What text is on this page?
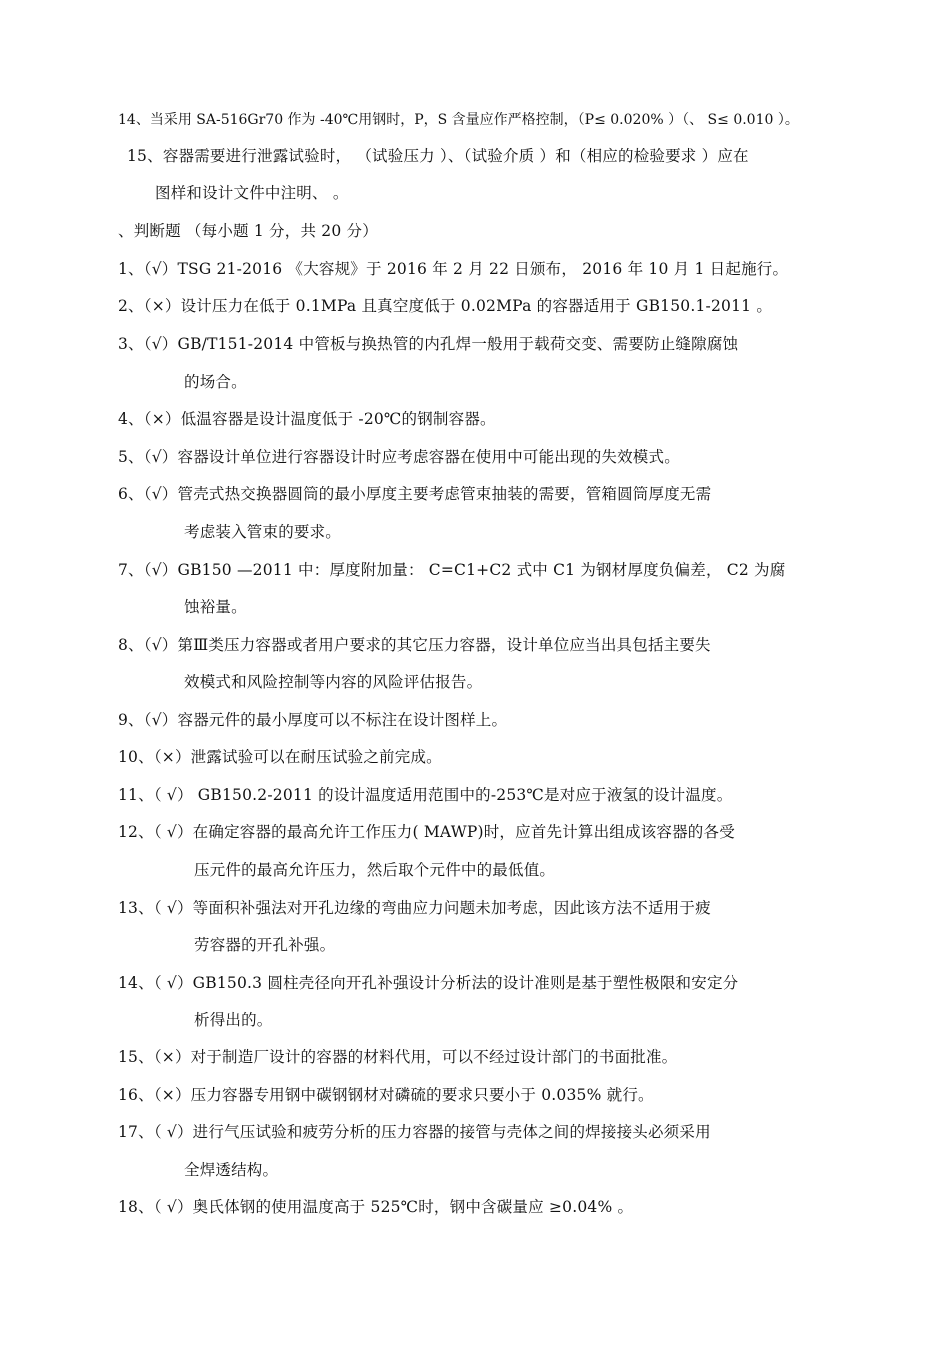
14、当采用 SA-516Gr70 作为 -40℃用钢时，P，S 含量应作严格控制，（P≤ 0.020% ）（、 S≤ 0.010 ）。
15、容器需要进行泄露试验时， （试验压力 ）、（试验介质 ）和（相应的检验要求 ）应在
图样和设计文件中注明、 。
、判断题 （每小题 1 分，共 20 分）
1、（√）TSG 21-2016 《大容规》于 2016 年 2 月 22 日颁布， 2016 年 10 月 1 日起施行。
2、（×）设计压力在低于 0.1MPa 且真空度低于 0.02MPa 的容器适用于 GB150.1-2011 。
3、（√）GB/T151-2014 中管板与换热管的内孔焊一般用于载荷交变、需要防止缝隙腐蚀
的场合。
4、（×）低温容器是设计温度低于 -20℃的钢制容器。
5、（√）容器设计单位进行容器设计时应考虑容器在使用中可能出现的失效模式。
6、（√）管壳式热交换器圆筒的最小厚度主要考虑管束抽装的需要，管箱圆筒厚度无需
考虑装入管束的要求。
7、（√）GB150 —2011 中：厚度附加量： C=C1+C2 式中 C1 为钢材厚度负偏差， C2 为腐
蚀裕量。
8、（√）第Ⅲ类压力容器或者用户要求的其它压力容器，设计单位应当出具包括主要失
效模式和风险控制等内容的风险评估报告。
9、（√）容器元件的最小厚度可以不标注在设计图样上。
10、（×）泄露试验可以在耐压试验之前完成。
11、（ √） GB150.2-2011 的设计温度适用范围中的-253℃是对应于液氢的设计温度。
12、（ √）在确定容器的最高允许工作压力( MAWP)时，应首先计算出组成该容器的各受
压元件的最高允许压力，然后取个元件中的最低值。
13、（ √）等面积补强法对开孔边缘的弯曲应力问题未加考虑，因此该方法不适用于疲
劳容器的开孔补强。
14、（ √）GB150.3 圆柱壳径向开孔补强设计分析法的设计准则是基于塑性极限和安定分
析得出的。
15、（×）对于制造厂设计的容器的材料代用，可以不经过设计部门的书面批准。
16、（×）压力容器专用钢中碳钢钢材对磷硫的要求只要小于 0.035% 就行。
17、（ √）进行气压试验和疲劳分析的压力容器的接管与壳体之间的焊接接头必须采用
全焊透结构。
18、（ √）奥氏体钢的使用温度高于 525℃时，钢中含碳量应 ≥0.04% 。
